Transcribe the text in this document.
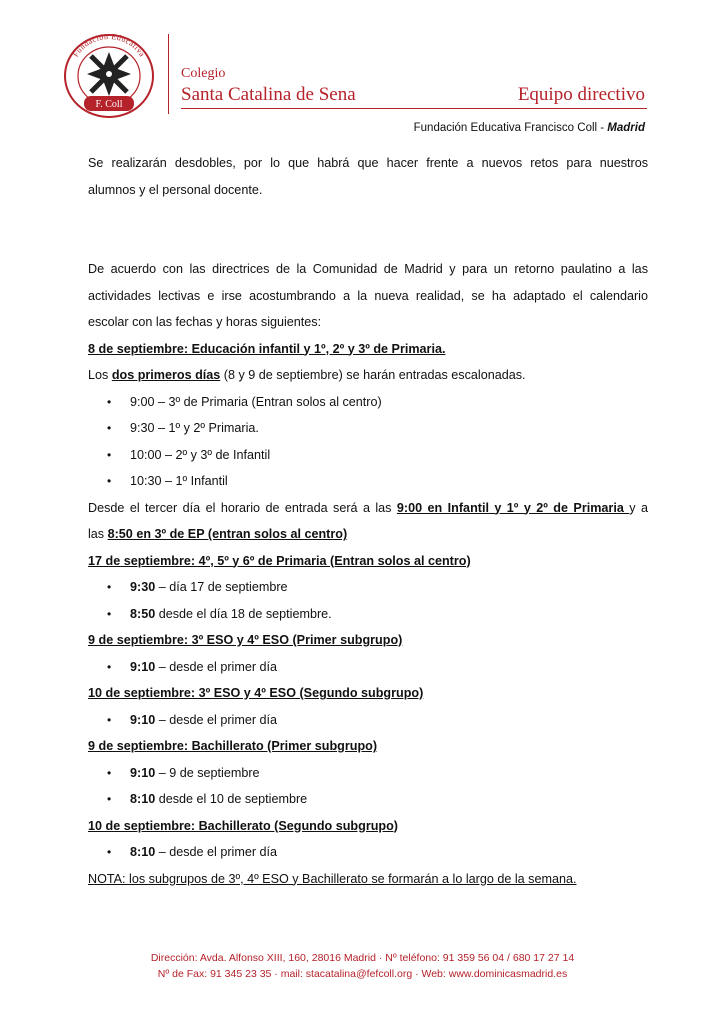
Fundación Educativa
F. Coll
Colegio
Santa Catalina de Sena	Equipo directivo
Fundación Educativa Francisco Coll - Madrid

Se realizarán desdobles, por lo que habrá que hacer frente a nuevos retos para nuestros

alumnos y el personal docente.

De acuerdo con las directrices de la Comunidad de Madrid y para un retorno paulatino a las

actividades lectivas e irse acostumbrando a la nueva realidad, se ha adaptado el calendario

escolar con las fechas y horas siguientes:

8 de septiembre: Educación infantil y 1º, 2º y 3º de Primaria.

Los dos primeros días (8 y 9 de septiembre) se harán entradas escalonadas.

• 9:00 – 3º de Primaria (Entran solos al centro)
• 9:30 – 1º y 2º Primaria.
• 10:00 – 2º y 3º de Infantil
• 10:30 – 1º Infantil

Desde el tercer día el horario de entrada será a las 9:00 en Infantil y 1º y 2º de Primaria y a

las 8:50 en 3º de EP (entran solos al centro)

17 de septiembre: 4º, 5º y 6º de Primaria (Entran solos al centro)

• 9:30 – día 17 de septiembre
• 8:50 desde el día 18 de septiembre.

9 de septiembre: 3º ESO y 4º ESO (Primer subgrupo)

• 9:10 – desde el primer día

10 de septiembre: 3º ESO y 4º ESO (Segundo subgrupo)

• 9:10 – desde el primer día

9 de septiembre: Bachillerato (Primer subgrupo)

• 9:10 – 9 de septiembre
• 8:10 desde el 10 de septiembre

10 de septiembre: Bachillerato (Segundo subgrupo)

• 8:10 – desde el primer día

NOTA: los subgrupos de 3º, 4º ESO y Bachillerato se formarán a lo largo de la semana.

Dirección: Avda. Alfonso XIII, 160, 28016 Madrid · Nº teléfono: 91 359 56 04 / 680 17 27 14
Nº de Fax: 91 345 23 35 · mail: stacatalina@fefcoll.org · Web: www.dominicasmadrid.es
